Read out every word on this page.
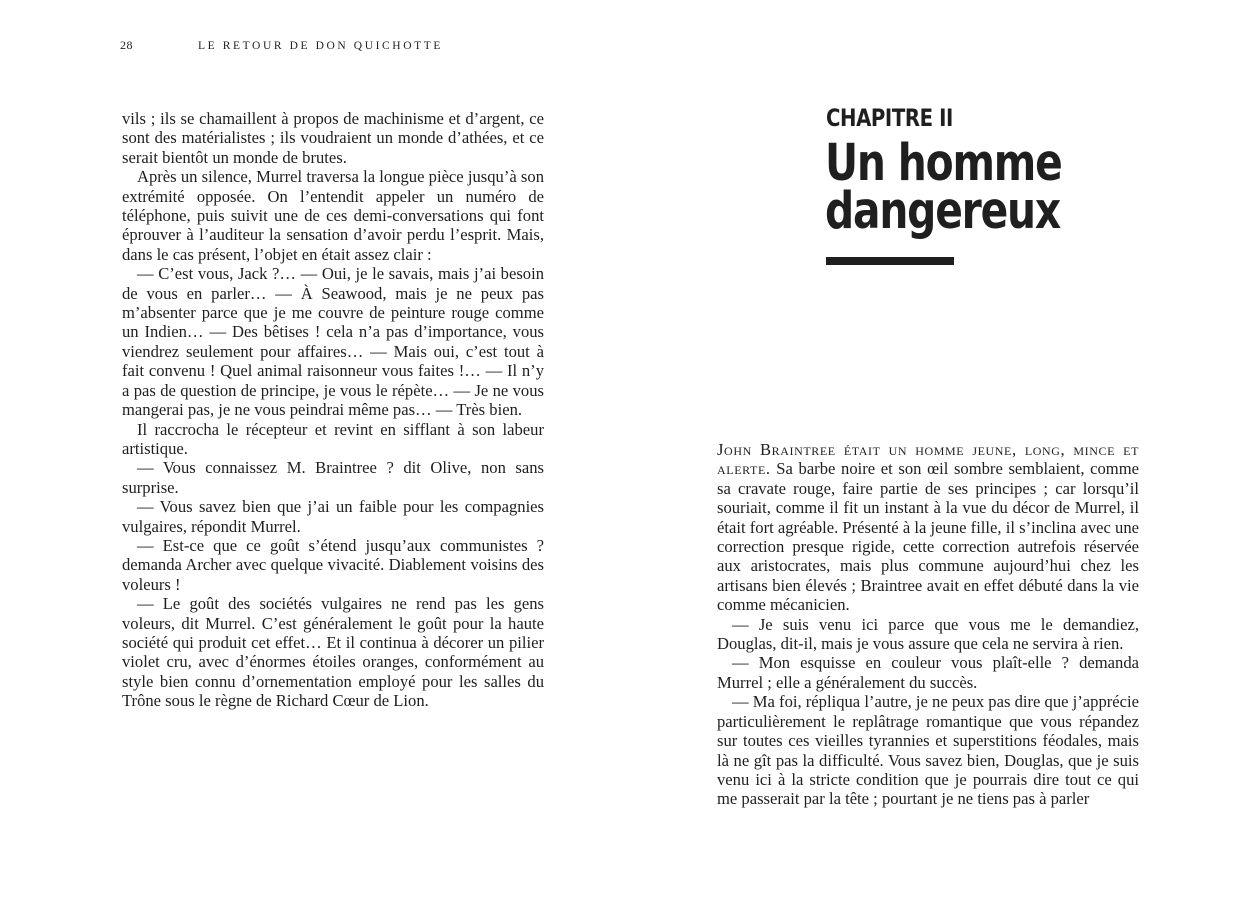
28	LE RETOUR DE DON QUICHOTTE

vils ; ils se chamaillent à propos de machinisme et d’argent, ce sont des matérialistes ; ils voudraient un monde d’athées, et ce serait bientôt un monde de brutes.

Après un silence, Murrel traversa la longue pièce jusqu’à son extrémité opposée. On l’entendit appeler un numéro de téléphone, puis suivit une de ces demi-conversations qui font éprouver à l’auditeur la sensation d’avoir perdu l’esprit. Mais, dans le cas présent, l’objet en était assez clair :

— C’est vous, Jack ?… — Oui, je le savais, mais j’ai besoin de vous en parler… — À Seawood, mais je ne peux pas m’absenter parce que je me couvre de peinture rouge comme un Indien… — Des bêtises ! cela n’a pas d’importance, vous viendrez seulement pour affaires… — Mais oui, c’est tout à fait convenu ! Quel animal raisonneur vous faites !… — Il n’y a pas de question de principe, je vous le répète… — Je ne vous mangerai pas, je ne vous peindrai même pas… — Très bien.

Il raccrocha le récepteur et revint en sifflant à son labeur artistique.

— Vous connaissez M. Braintree ? dit Olive, non sans surprise.

— Vous savez bien que j’ai un faible pour les compagnies vulgaires, répondit Murrel.

— Est-ce que ce goût s’étend jusqu’aux communistes ? demanda Archer avec quelque vivacité. Diablement voisins des voleurs !

— Le goût des sociétés vulgaires ne rend pas les gens voleurs, dit Murrel. C’est généralement le goût pour la haute société qui produit cet effet… Et il continua à décorer un pilier violet cru, avec d’énormes étoiles oranges, conformément au style bien connu d’ornementation employé pour les salles du Trône sous le règne de Richard Cœur de Lion.

CHAPITRE II
Un homme dangereux

John Braintree était un homme jeune, long, mince et alerte. Sa barbe noire et son œil sombre semblaient, comme sa cravate rouge, faire partie de ses principes ; car lorsqu’il souriait, comme il fit un instant à la vue du décor de Murrel, il était fort agréable. Présenté à la jeune fille, il s’inclina avec une correction presque rigide, cette correction autrefois réservée aux aristocrates, mais plus commune aujourd’hui chez les artisans bien élevés ; Braintree avait en effet débuté dans la vie comme mécanicien.

— Je suis venu ici parce que vous me le demandiez, Douglas, dit-il, mais je vous assure que cela ne servira à rien.

— Mon esquisse en couleur vous plaît-elle ? demanda Murrel ; elle a généralement du succès.

— Ma foi, répliqua l’autre, je ne peux pas dire que j’apprécie particulièrement le replâtrage romantique que vous répandez sur toutes ces vieilles tyrannies et superstitions féodales, mais là ne gît pas la difficulté. Vous savez bien, Douglas, que je suis venu ici à la stricte condition que je pourrais dire tout ce qui me passerait par la tête ; pourtant je ne tiens pas à parler
